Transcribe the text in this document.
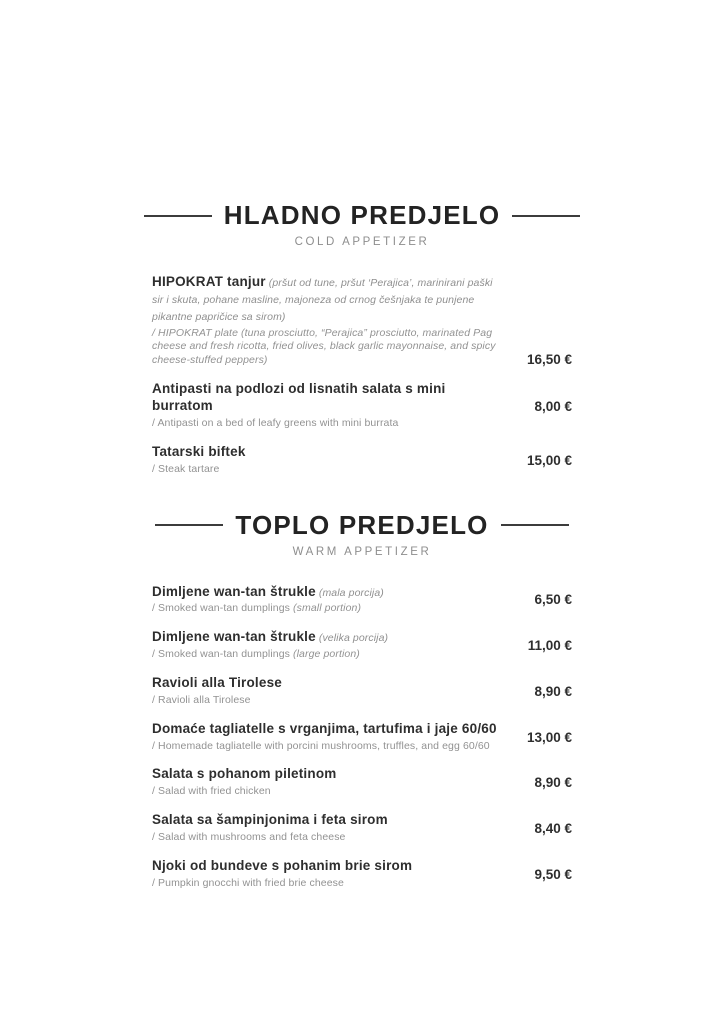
HLADNO PREDJELO
COLD APPETIZER
HIPOKRAT tanjur (pršut od tune, pršut ‘Perajica’, marinirani paški sir i skuta, pohane masline, majoneza od crnog češnjaka te punjene pikantne papričice sa sirom)
/ HIPOKRAT plate (tuna prosciutto, “Perajica” prosciutto, marinated Pag cheese and fresh ricotta, fried olives, black garlic mayonnaise, and spicy cheese-stuffed peppers)	16,50 €
Antipasti na podlozi od lisnatih salata s mini burratom
/ Antipasti on a bed of leafy greens with mini burrata
8,00 €
Tatarski biftek
/ Steak tartare
15,00 €
TOPLO PREDJELO
WARM APPETIZER
Dimljene wan-tan štrukle (mala porcija)
/ Smoked wan-tan dumplings (small portion)
6,50 €
Dimljene wan-tan štrukle (velika porcija)
/ Smoked wan-tan dumplings (large portion)
11,00 €
Ravioli alla Tirolese
/ Ravioli alla Tirolese
8,90 €
Domaće tagliatelle s vrganjima, tartufima i jaje 60/60
/ Homemade tagliatelle with porcini mushrooms, truffles, and egg 60/60
13,00 €
Salata s pohanom piletinom
/ Salad with fried chicken
8,90 €
Salata sa šampinjonima i feta sirom
/ Salad with mushrooms and feta cheese
8,40 €
Njoki od bundeve s pohanim brie sirom
/ Pumpkin gnocchi with fried brie cheese
9,50 €
